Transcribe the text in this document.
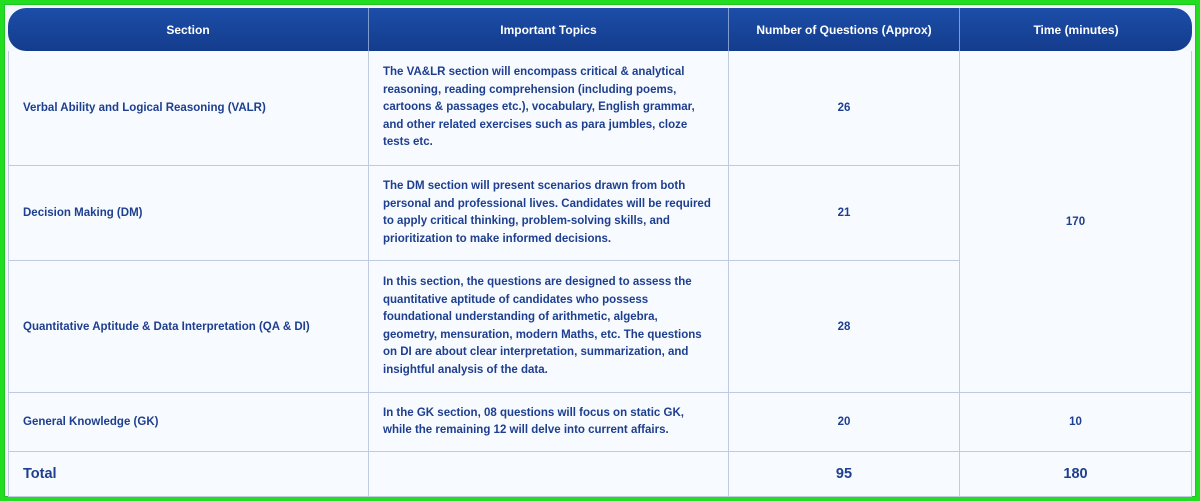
Section	Important Topics	Number of Questions (Approx)	Time (minutes)
Verbal Ability and Logical Reasoning (VALR)	The VA&LR section will encompass critical & analytical reasoning, reading comprehension (including poems, cartoons & passages etc.), vocabulary, English grammar, and other related exercises such as para jumbles, cloze tests etc.	26	170
Decision Making (DM)	The DM section will present scenarios drawn from both personal and professional lives. Candidates will be required to apply critical thinking, problem-solving skills, and prioritization to make informed decisions.	21	
Quantitative Aptitude & Data Interpretation (QA & DI)	In this section, the questions are designed to assess the quantitative aptitude of candidates who possess foundational understanding of arithmetic, algebra, geometry, mensuration, modern Maths, etc. The questions on DI are about clear interpretation, summarization, and insightful analysis of the data.	28	
General Knowledge (GK)	In the GK section, 08 questions will focus on static GK, while the remaining 12 will delve into current affairs.	20	10
Total		95	180
